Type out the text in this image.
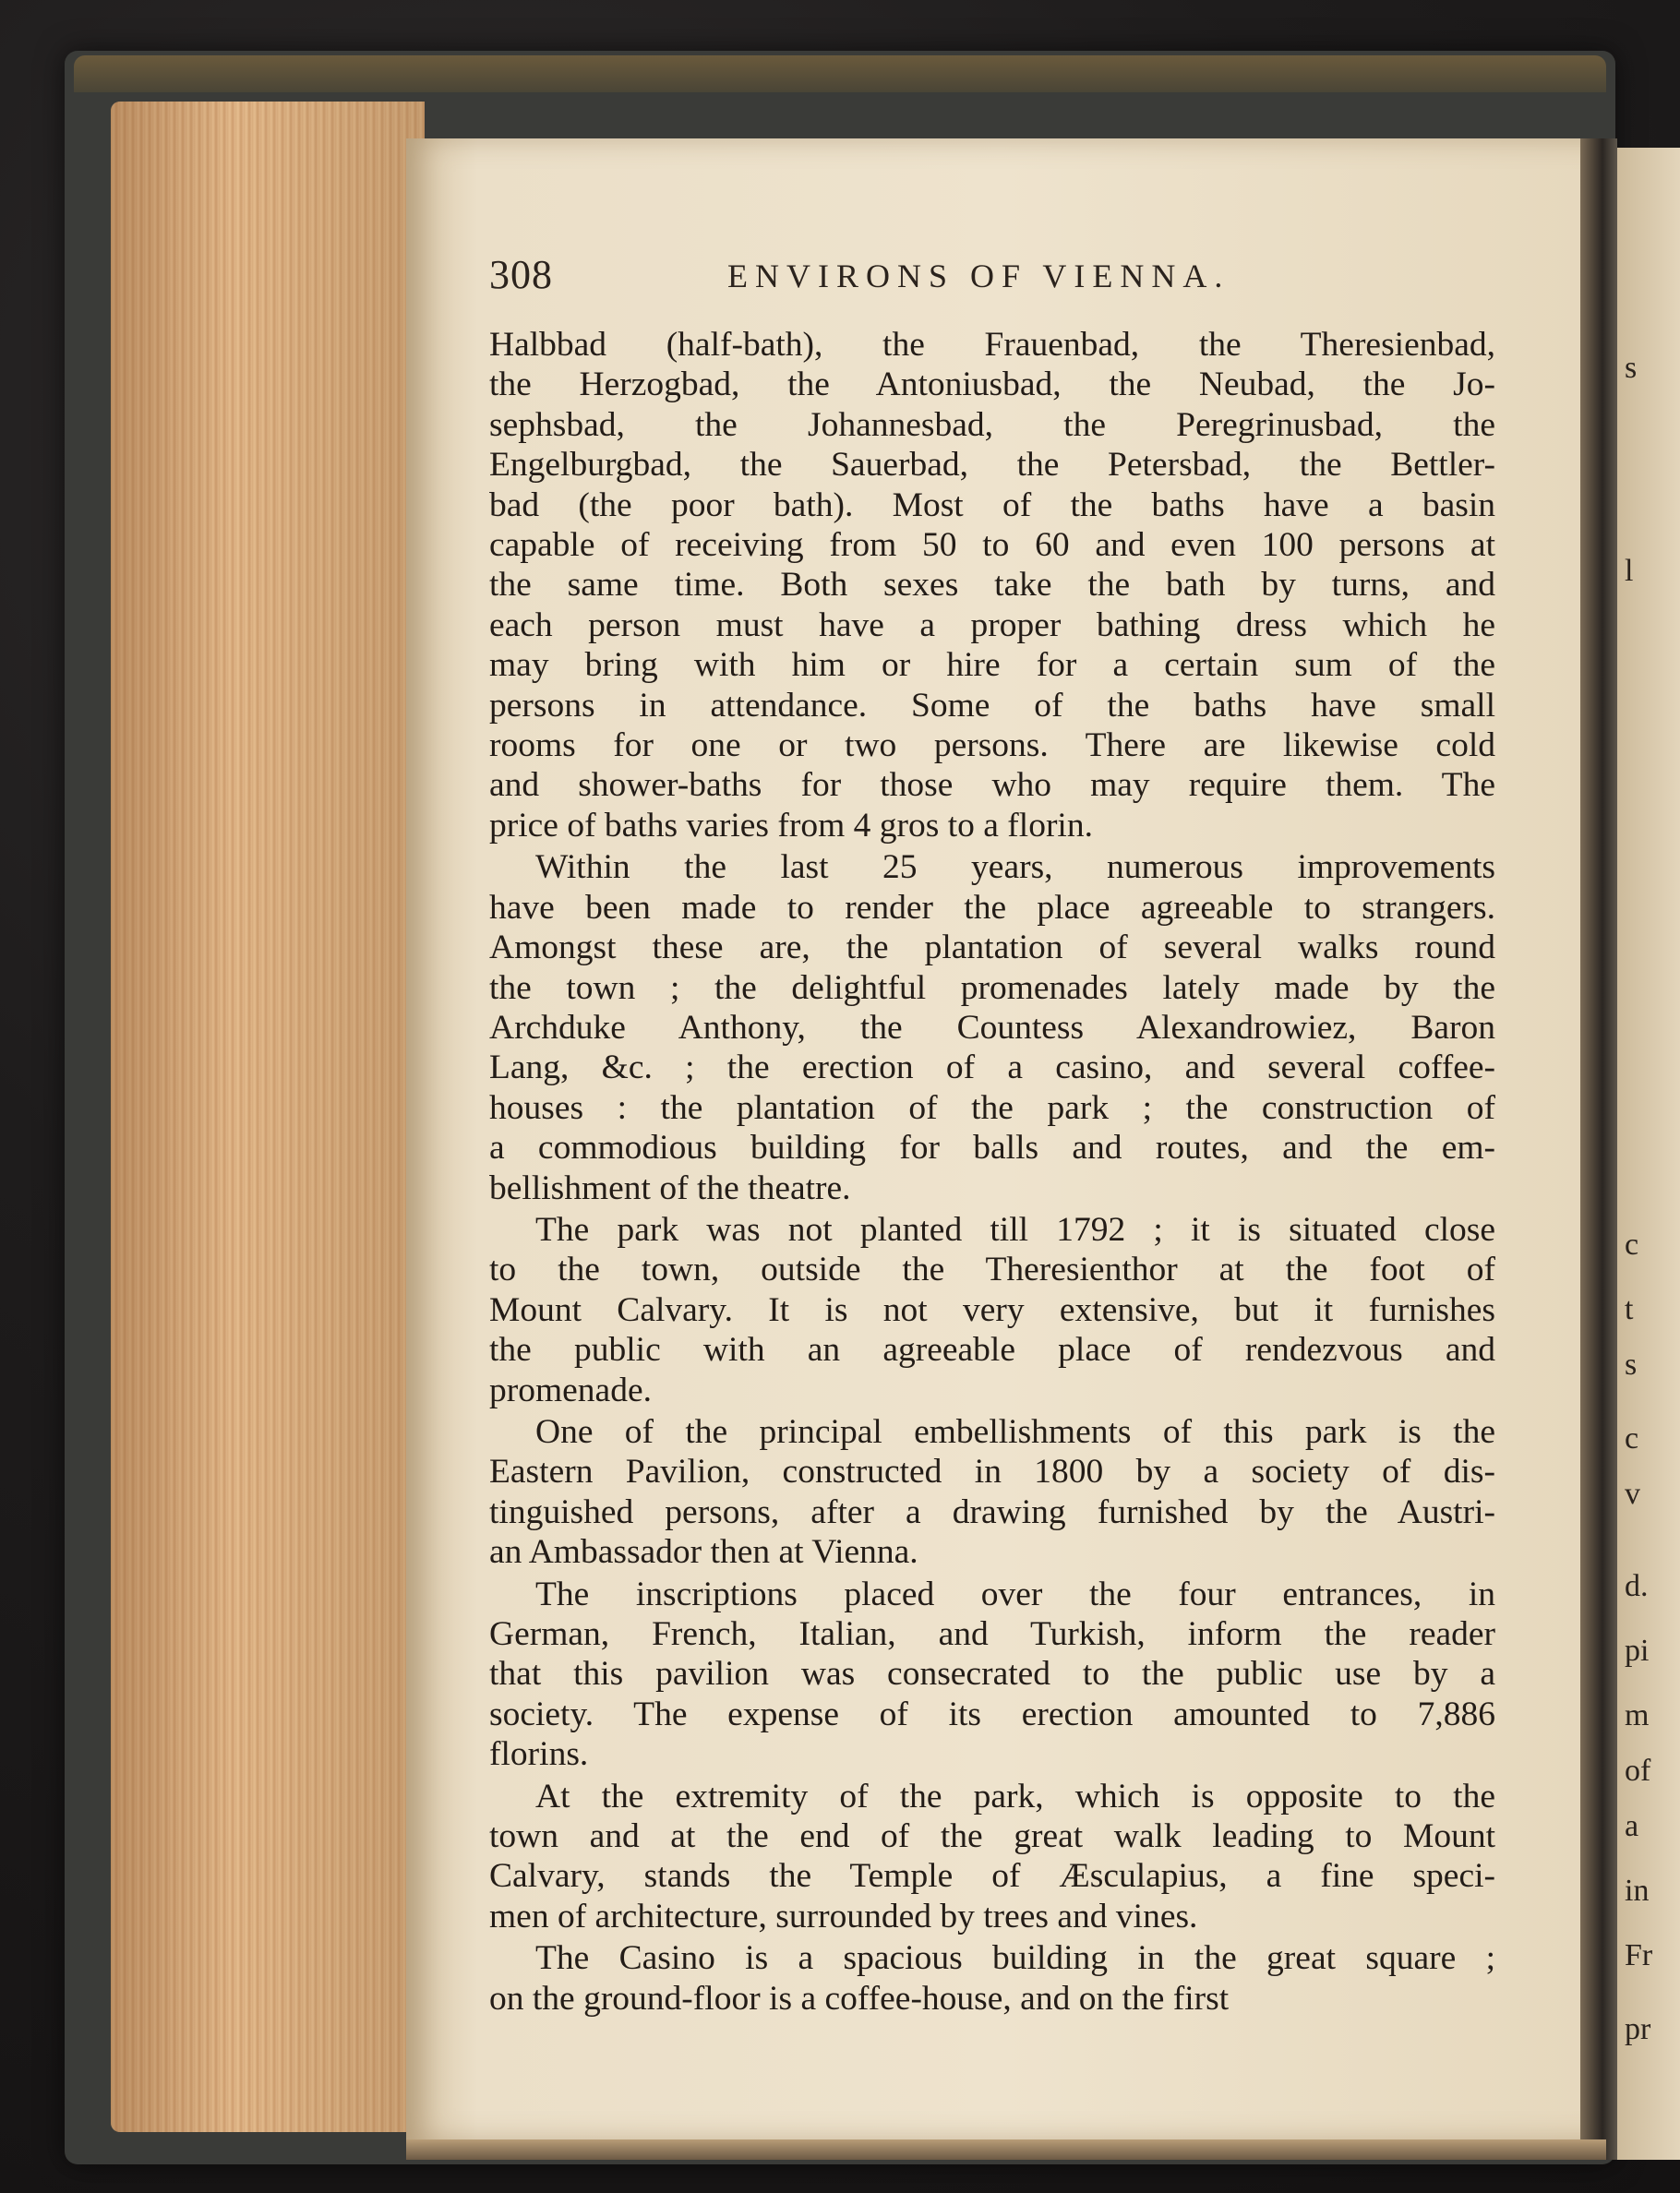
s
l
c
t
s
c
v
d.
pi
m
of
a
in
Fr
pr
308	ENVIRONS OF VIENNA.
Halbbad (half-bath), the Frauenbad, the Theresienbad,
the Herzogbad, the Antoniusbad, the Neubad, the Jo-
sephsbad, the Johannesbad, the Peregrinusbad, the
Engelburgbad, the Sauerbad, the Petersbad, the Bettler-
bad (the poor bath). Most of the baths have a basin
capable of receiving from 50 to 60 and even 100 persons at
the same time. Both sexes take the bath by turns, and
each person must have a proper bathing dress which he
may bring with him or hire for a certain sum of the
persons in attendance. Some of the baths have small
rooms for one or two persons. There are likewise cold
and shower-baths for those who may require them. The
price of baths varies from 4 gros to a florin.
Within the last 25 years, numerous improvements
have been made to render the place agreeable to strangers.
Amongst these are, the plantation of several walks round
the town ; the delightful promenades lately made by the
Archduke Anthony, the Countess Alexandrowiez, Baron
Lang, &c. ; the erection of a casino, and several coffee-
houses : the plantation of the park ; the construction of
a commodious building for balls and routes, and the em-
bellishment of the theatre.
The park was not planted till 1792 ; it is situated close
to the town, outside the Theresienthor at the foot of
Mount Calvary. It is not very extensive, but it furnishes
the public with an agreeable place of rendezvous and
promenade.
One of the principal embellishments of this park is the
Eastern Pavilion, constructed in 1800 by a society of dis-
tinguished persons, after a drawing furnished by the Austri-
an Ambassador then at Vienna.
The inscriptions placed over the four entrances, in
German, French, Italian, and Turkish, inform the reader
that this pavilion was consecrated to the public use by a
society. The expense of its erection amounted to 7,886
florins.
At the extremity of the park, which is opposite to the
town and at the end of the great walk leading to Mount
Calvary, stands the Temple of Æsculapius, a fine speci-
men of architecture, surrounded by trees and vines.
The Casino is a spacious building in the great square ;
on the ground-floor is a coffee-house, and on the first
